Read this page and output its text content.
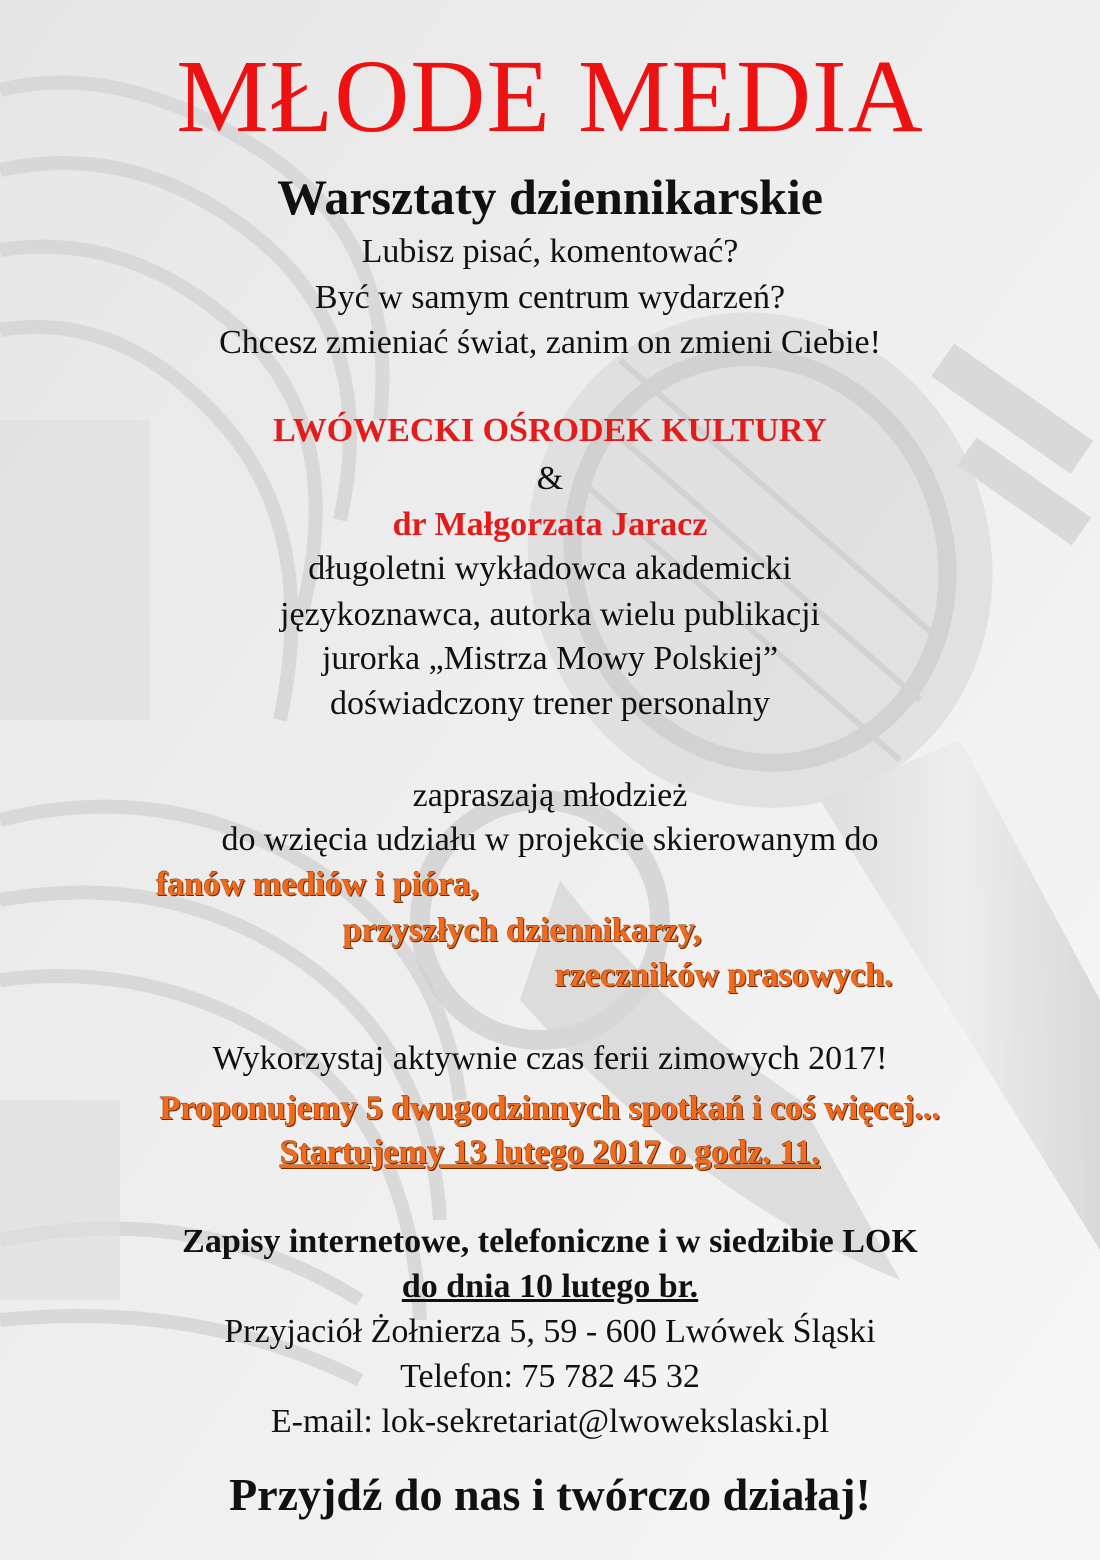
MŁODE MEDIA
Warsztaty dziennikarskie
Lubisz pisać, komentować?
Być w samym centrum wydarzeń?
Chcesz zmieniać świat, zanim on zmieni Ciebie!
LWÓWECKI OŚRODEK KULTURY
&
dr Małgorzata Jaracz
długoletni wykładowca akademicki
językoznawca, autorka wielu publikacji
jurorka „Mistrza Mowy Polskiej”
doświadczony trener personalny
zapraszają młodzież
do wzięcia udziału w projekcie skierowanym do
fanów mediów i pióra,
przyszłych dziennikarzy,
rzeczników prasowych.
Wykorzystaj aktywnie czas ferii zimowych 2017!
Proponujemy 5 dwugodzinnych spotkań i coś więcej...
Startujemy 13 lutego 2017 o godz. 11.
Zapisy internetowe, telefoniczne i w siedzibie LOK
do dnia 10 lutego br.
Przyjaciół Żołnierza 5, 59 - 600 Lwówek Śląski
Telefon: 75 782 45 32
E-mail: lok-sekretariat@lwowekslaski.pl
Przyjdź do nas i twórczo działaj!
